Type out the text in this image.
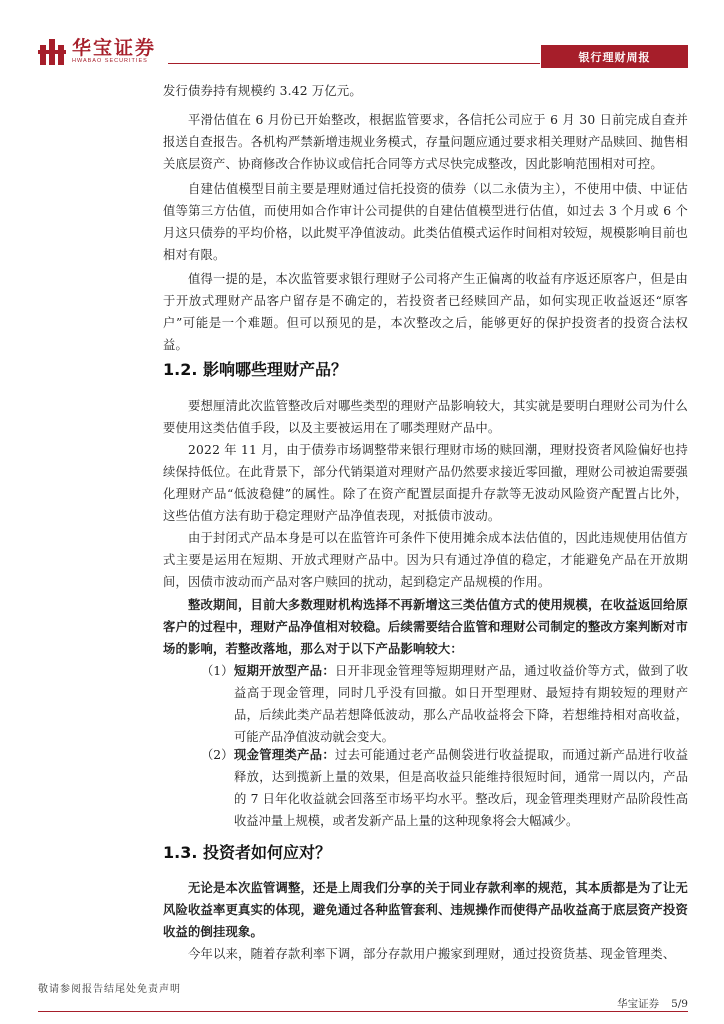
华宝证券
HWABAO SECURITIES	银行理财周报

发行债券持有规模约 3.42 万亿元。

平滑估值在 6 月份已开始整改，根据监管要求，各信托公司应于 6 月 30 日前完成自查并报送自查报告。各机构严禁新增违规业务模式，存量问题应通过要求相关理财产品赎回、抛售相关底层资产、协商修改合作协议或信托合同等方式尽快完成整改，因此影响范围相对可控。

自建估值模型目前主要是理财通过信托投资的债券（以二永债为主），不使用中债、中证估值等第三方估值，而使用如合作审计公司提供的自建估值模型进行估值，如过去 3 个月或 6 个月这只债券的平均价格，以此熨平净值波动。此类估值模式运作时间相对较短，规模影响目前也相对有限。

值得一提的是，本次监管要求银行理财子公司将产生正偏离的收益有序返还原客户，但是由于开放式理财产品客户留存是不确定的，若投资者已经赎回产品，如何实现正收益返还“原客户”可能是一个难题。但可以预见的是，本次整改之后，能够更好的保护投资者的投资合法权益。

1.2. 影响哪些理财产品？

要想厘清此次监管整改后对哪些类型的理财产品影响较大，其实就是要明白理财公司为什么要使用这类估值手段，以及主要被运用在了哪类理财产品中。

2022 年 11 月，由于债券市场调整带来银行理财市场的赎回潮，理财投资者风险偏好也持续保持低位。在此背景下，部分代销渠道对理财产品仍然要求接近零回撤，理财公司被迫需要强化理财产品“低波稳健”的属性。除了在资产配置层面提升存款等无波动风险资产配置占比外，这些估值方法有助于稳定理财产品净值表现，对抵债市波动。

由于封闭式产品本身是可以在监管许可条件下使用摊余成本法估值的，因此违规使用估值方式主要是运用在短期、开放式理财产品中。因为只有通过净值的稳定，才能避免产品在开放期间，因债市波动而产品对客户赎回的扰动，起到稳定产品规模的作用。

整改期间，目前大多数理财机构选择不再新增这三类估值方式的使用规模，在收益返回给原客户的过程中，理财产品净值相对较稳。后续需要结合监管和理财公司制定的整改方案判断对市场的影响，若整改落地，那么对于以下产品影响较大：

（1） 短期开放型产品：日开非现金管理等短期理财产品，通过收益价等方式，做到了收益高于现金管理，同时几乎没有回撤。如日开型理财、最短持有期较短的理财产品，后续此类产品若想降低波动，那么产品收益将会下降，若想维持相对高收益，可能产品净值波动就会变大。

（2） 现金管理类产品：过去可能通过老产品侧袋进行收益提取，而通过新产品进行收益释放，达到揽新上量的效果，但是高收益只能维持很短时间，通常一周以内，产品的 7 日年化收益就会回落至市场平均水平。整改后，现金管理类理财产品阶段性高收益冲量上规模，或者发新产品上量的这种现象将会大幅减少。

1.3. 投资者如何应对？

无论是本次监管调整，还是上周我们分享的关于同业存款利率的规范，其本质都是为了让无风险收益率更真实的体现，避免通过各种监管套利、违规操作而使得产品收益高于底层资产投资收益的倒挂现象。

今年以来，随着存款利率下调，部分存款用户搬家到理财，通过投资货基、现金管理类、

敬请参阅报告结尾处免责声明
华宝证券 5/9
